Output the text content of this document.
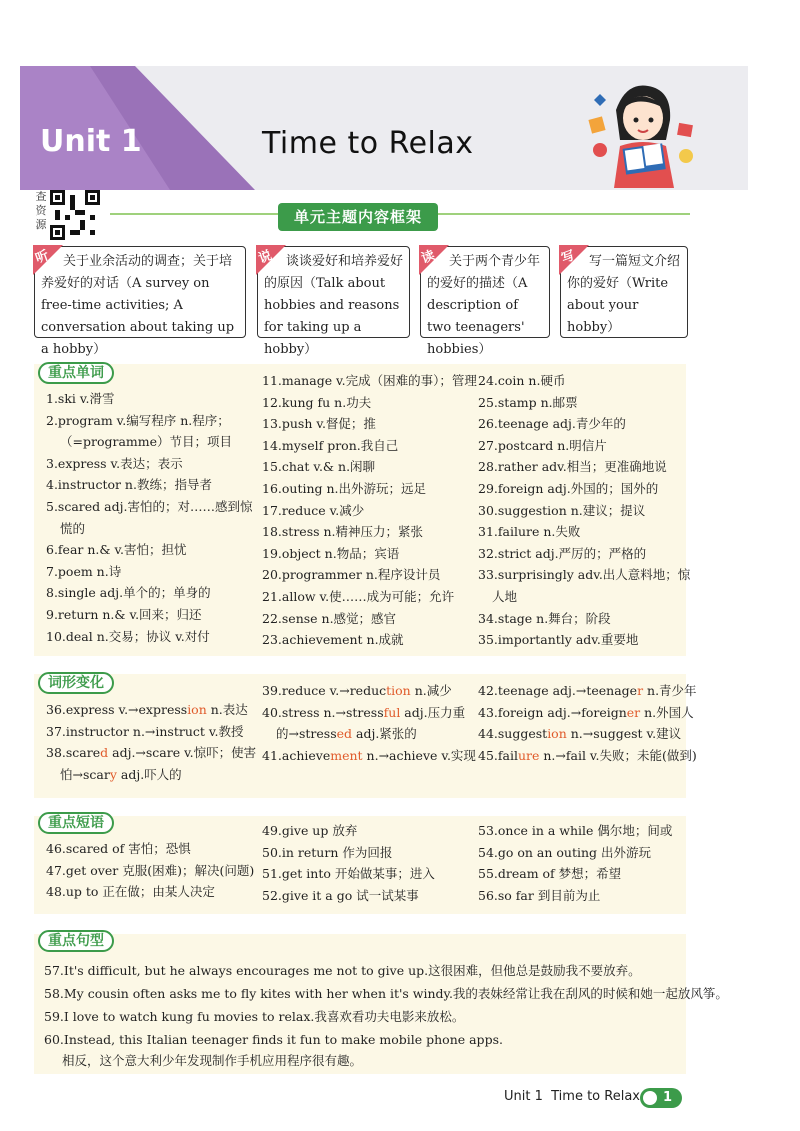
Unit 1	Time to Relax
查
资
源	单元主题内容框架
听 关于业余活动的调查；关于培养爱好的对话（A survey on free-time activities; A conversation about taking up a hobby）
说 谈谈爱好和培养爱好的原因（Talk about hobbies and reasons for taking up a hobby）
读 关于两个青少年的爱好的描述（A description of two teenagers' hobbies）
写 写一篇短文介绍你的爱好（Write about your hobby）
重点单词
1.ski v.滑雪
2.program v.编写程序 n.程序；
（=programme）节目；项目
3.express v.表达；表示
4.instructor n.教练；指导者
5.scared adj.害怕的；对……感到惊
慌的
6.fear n.& v.害怕；担忧
7.poem n.诗
8.single adj.单个的；单身的
9.return n.& v.回来；归还
10.deal n.交易；协议 v.对付
11.manage v.完成（困难的事）；管理
12.kung fu n.功夫
13.push v.督促；推
14.myself pron.我自己
15.chat v.& n.闲聊
16.outing n.出外游玩；远足
17.reduce v.减少
18.stress n.精神压力；紧张
19.object n.物品；宾语
20.programmer n.程序设计员
21.allow v.使……成为可能；允许
22.sense n.感觉；感官
23.achievement n.成就
24.coin n.硬币
25.stamp n.邮票
26.teenage adj.青少年的
27.postcard n.明信片
28.rather adv.相当；更准确地说
29.foreign adj.外国的；国外的
30.suggestion n.建议；提议
31.failure n.失败
32.strict adj.严厉的；严格的
33.surprisingly adv.出人意料地；惊
人地
34.stage n.舞台；阶段
35.importantly adv.重要地
词形变化
36.express v.→expression n.表达
37.instructor n.→instruct v.教授
38.scared adj.→scare v.惊吓；使害
怕→scary adj.吓人的
39.reduce v.→reduction n.减少
40.stress n.→stressful adj.压力重
的→stressed adj.紧张的
41.achievement n.→achieve v.实现
42.teenage adj.→teenager n.青少年
43.foreign adj.→foreigner n.外国人
44.suggestion n.→suggest v.建议
45.failure n.→fail v.失败；未能(做到)
重点短语
46.scared of 害怕；恐惧
47.get over 克服(困难)；解决(问题)
48.up to 正在做；由某人决定
49.give up 放弃
50.in return 作为回报
51.get into 开始做某事；进入
52.give it a go 试一试某事
53.once in a while 偶尔地；间或
54.go on an outing 出外游玩
55.dream of 梦想；希望
56.so far 到目前为止
重点句型
57.It's difficult, but he always encourages me not to give up.这很困难，但他总是鼓励我不要放弃。
58.My cousin often asks me to fly kites with her when it's windy.我的表妹经常让我在刮风的时候和她一起放风筝。
59.I love to watch kung fu movies to relax.我喜欢看功夫电影来放松。
60.Instead, this Italian teenager finds it fun to make mobile phone apps.
相反，这个意大利少年发现制作手机应用程序很有趣。
Unit 1 Time to Relax	1
